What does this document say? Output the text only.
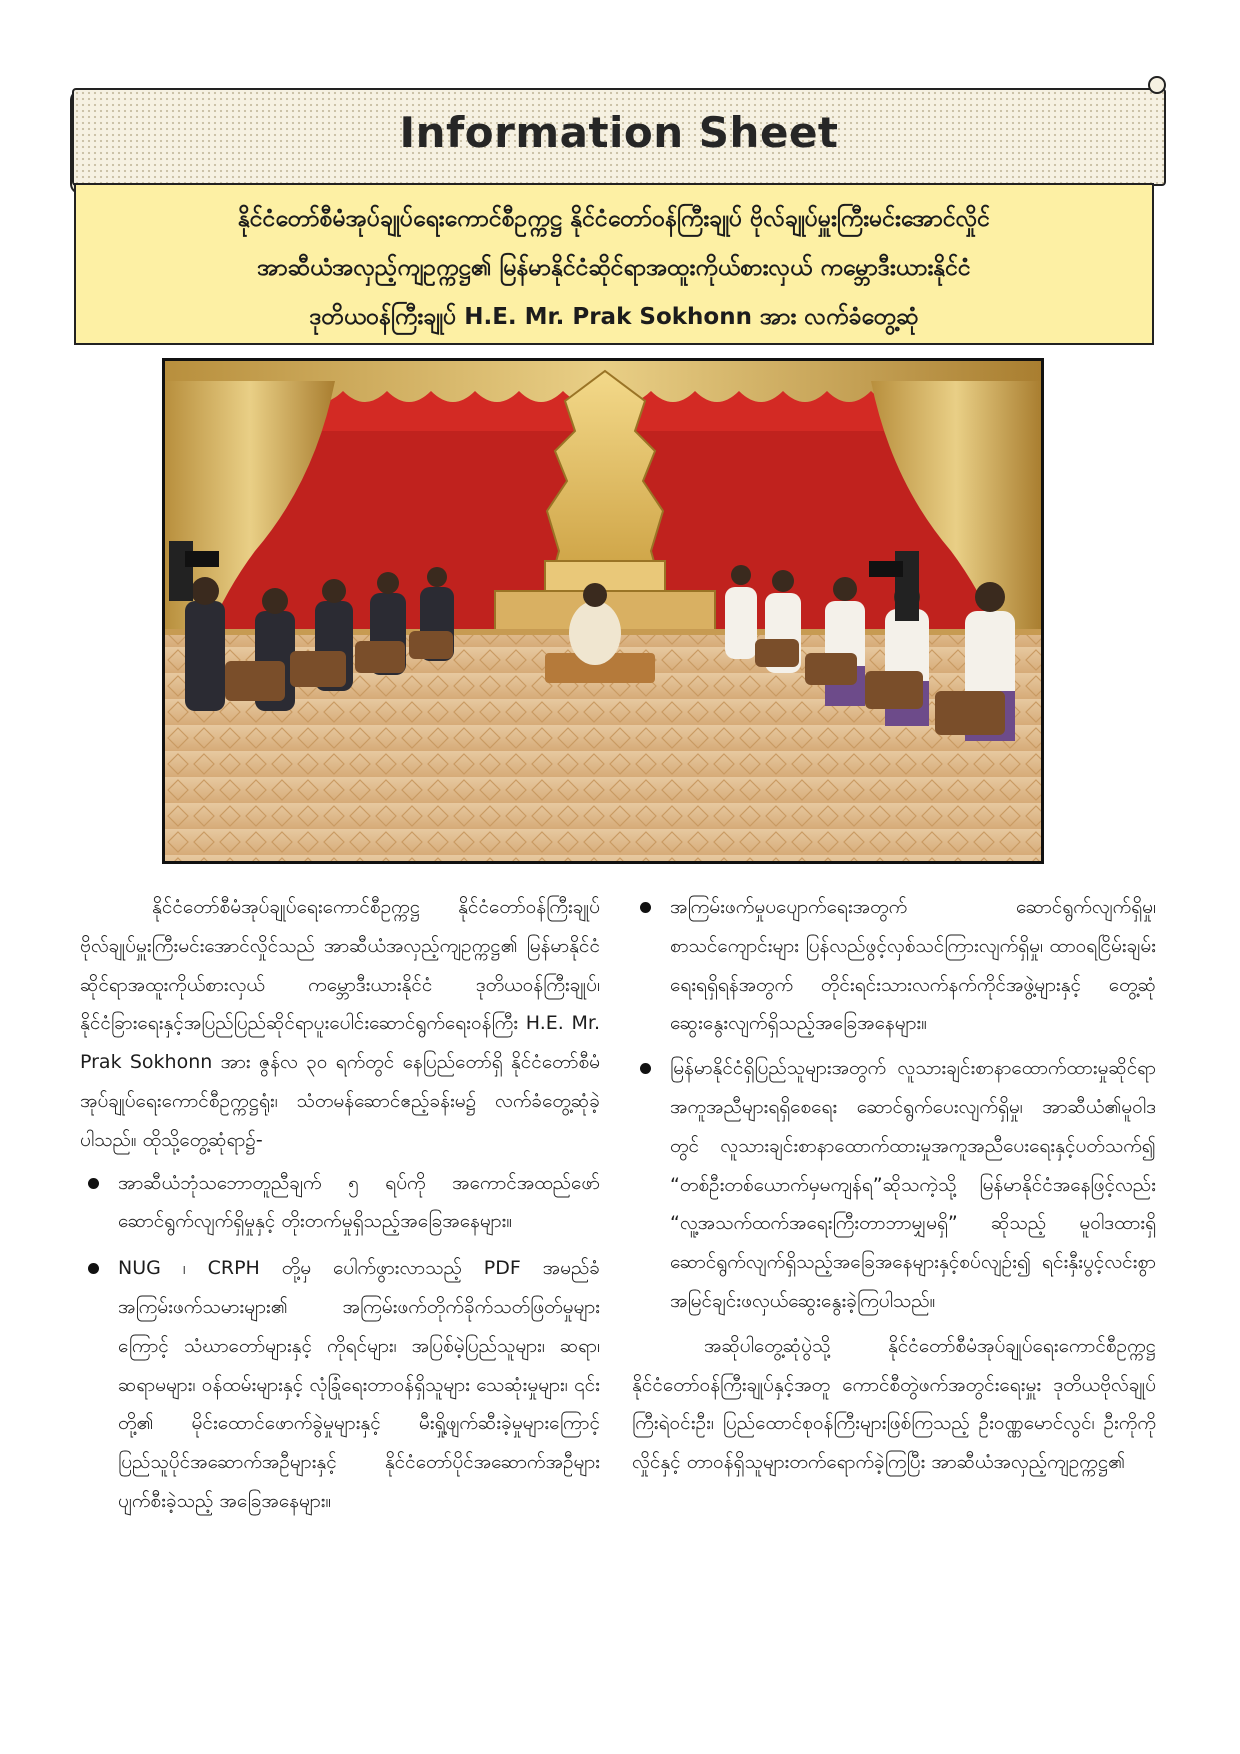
Information Sheet

နိုင်ငံတော်စီမံအုပ်ချုပ်ရေးကောင်စီဥက္ကဋ္ဌ နိုင်ငံတော်ဝန်ကြီးချုပ် ဗိုလ်ချုပ်မှူးကြီးမင်းအောင်လှိုင်

အာဆီယံအလှည့်ကျဥက္ကဋ္ဌ၏ မြန်မာနိုင်ငံဆိုင်ရာအထူးကိုယ်စားလှယ် ကမ္ဘောဒီးယားနိုင်ငံ

ဒုတိယဝန်ကြီးချုပ် H.E. Mr. Prak Sokhonn အား လက်ခံတွေ့ဆုံ

နိုင်ငံတော်စီမံအုပ်ချုပ်ရေးကောင်စီဥက္ကဋ္ဌ နိုင်ငံတော်ဝန်ကြီးချုပ် ဗိုလ်ချုပ်မှူးကြီးမင်းအောင်လှိုင်သည် အာဆီယံအလှည့်ကျဥက္ကဋ္ဌ၏ မြန်မာနိုင်ငံဆိုင်ရာအထူးကိုယ်စားလှယ် ကမ္ဘောဒီးယားနိုင်ငံ ဒုတိယဝန်ကြီးချုပ်၊ နိုင်ငံခြားရေးနှင့်အပြည်ပြည်ဆိုင်ရာပူးပေါင်းဆောင်ရွက်ရေးဝန်ကြီး H.E. Mr. Prak Sokhonn အား ဇွန်လ ၃၀ ရက်တွင် နေပြည်တော်ရှိ နိုင်ငံတော်စီမံအုပ်ချုပ်ရေးကောင်စီဥက္ကဋ္ဌရုံး၊ သံတမန်ဆောင်ဧည့်ခန်းမ၌ လက်ခံတွေ့ဆုံခဲ့ပါသည်။ ထိုသို့တွေ့ဆုံရာ၌-

အာဆီယံဘုံသဘောတူညီချက် ၅ ရပ်ကို အကောင်အထည်ဖော်ဆောင်ရွက်လျက်ရှိမှုနှင့် တိုးတက်မှုရှိသည့်အခြေအနေများ။
NUG ၊ CRPH တို့မှ ပေါက်ဖွားလာသည့် PDF အမည်ခံ အကြမ်းဖက်သမားများ၏ အကြမ်းဖက်တိုက်ခိုက်သတ်ဖြတ်မှုများကြောင့် သံဃာတော်များနှင့် ကိုရင်များ၊ အပြစ်မဲ့ပြည်သူများ၊ ဆရာ၊ ဆရာမများ၊ ဝန်ထမ်းများနှင့် လုံခြုံရေးတာဝန်ရှိသူများ သေဆုံးမှုများ၊ ၎င်းတို့၏ မိုင်းထောင်ဖောက်ခွဲမှုများနှင့် မီးရှို့ဖျက်ဆီးခဲ့မှုများကြောင့် ပြည်သူပိုင်အဆောက်အဦများနှင့် နိုင်ငံတော်ပိုင်အဆောက်အဦများ ပျက်စီးခဲ့သည့် အခြေအနေများ။
အကြမ်းဖက်မှုပပျောက်ရေးအတွက် ဆောင်ရွက်လျက်ရှိမှု၊ စာသင်ကျောင်းများ ပြန်လည်ဖွင့်လှစ်သင်ကြားလျက်ရှိမှု၊ ထာဝရငြိမ်းချမ်းရေးရရှိရန်အတွက် တိုင်းရင်းသားလက်နက်ကိုင်အဖွဲ့များနှင့် တွေ့ဆုံဆွေးနွေးလျက်ရှိသည့်အခြေအနေများ။
မြန်မာနိုင်ငံရှိပြည်သူများအတွက် လူသားချင်းစာနာထောက်ထားမှုဆိုင်ရာ အကူအညီများရရှိစေရေး ဆောင်ရွက်ပေးလျက်ရှိမှု၊ အာဆီယံ၏မူဝါဒတွင် လူသားချင်းစာနာထောက်ထားမှုအကူအညီပေးရေးနှင့်ပတ်သက်၍ “တစ်ဦးတစ်ယောက်မှမကျန်ရ”ဆိုသကဲ့သို့ မြန်မာနိုင်ငံအနေဖြင့်လည်း “လူ့အသက်ထက်အရေးကြီးတာဘာမျှမရှိ” ဆိုသည့် မူဝါဒထားရှိဆောင်ရွက်လျက်ရှိသည့်အခြေအနေများနှင့်စပ်လျဉ်း၍ ရင်းနှီးပွင့်လင်းစွာ အမြင်ချင်းဖလှယ်ဆွေးနွေးခဲ့ကြပါသည်။

အဆိုပါတွေ့ဆုံပွဲသို့ နိုင်ငံတော်စီမံအုပ်ချုပ်ရေးကောင်စီဥက္ကဋ္ဌ နိုင်ငံတော်ဝန်ကြီးချုပ်နှင့်အတူ ကောင်စီတွဲဖက်အတွင်းရေးမှူး ဒုတိယဗိုလ်ချုပ်ကြီးရဲဝင်းဦး၊ ပြည်ထောင်စုဝန်ကြီးများဖြစ်ကြသည့် ဦးဝဏ္ဏမောင်လွင်၊ ဦးကိုကိုလှိုင်နှင့် တာဝန်ရှိသူများတက်ရောက်ခဲ့ကြပြီး အာဆီယံအလှည့်ကျဥက္ကဋ္ဌ၏
